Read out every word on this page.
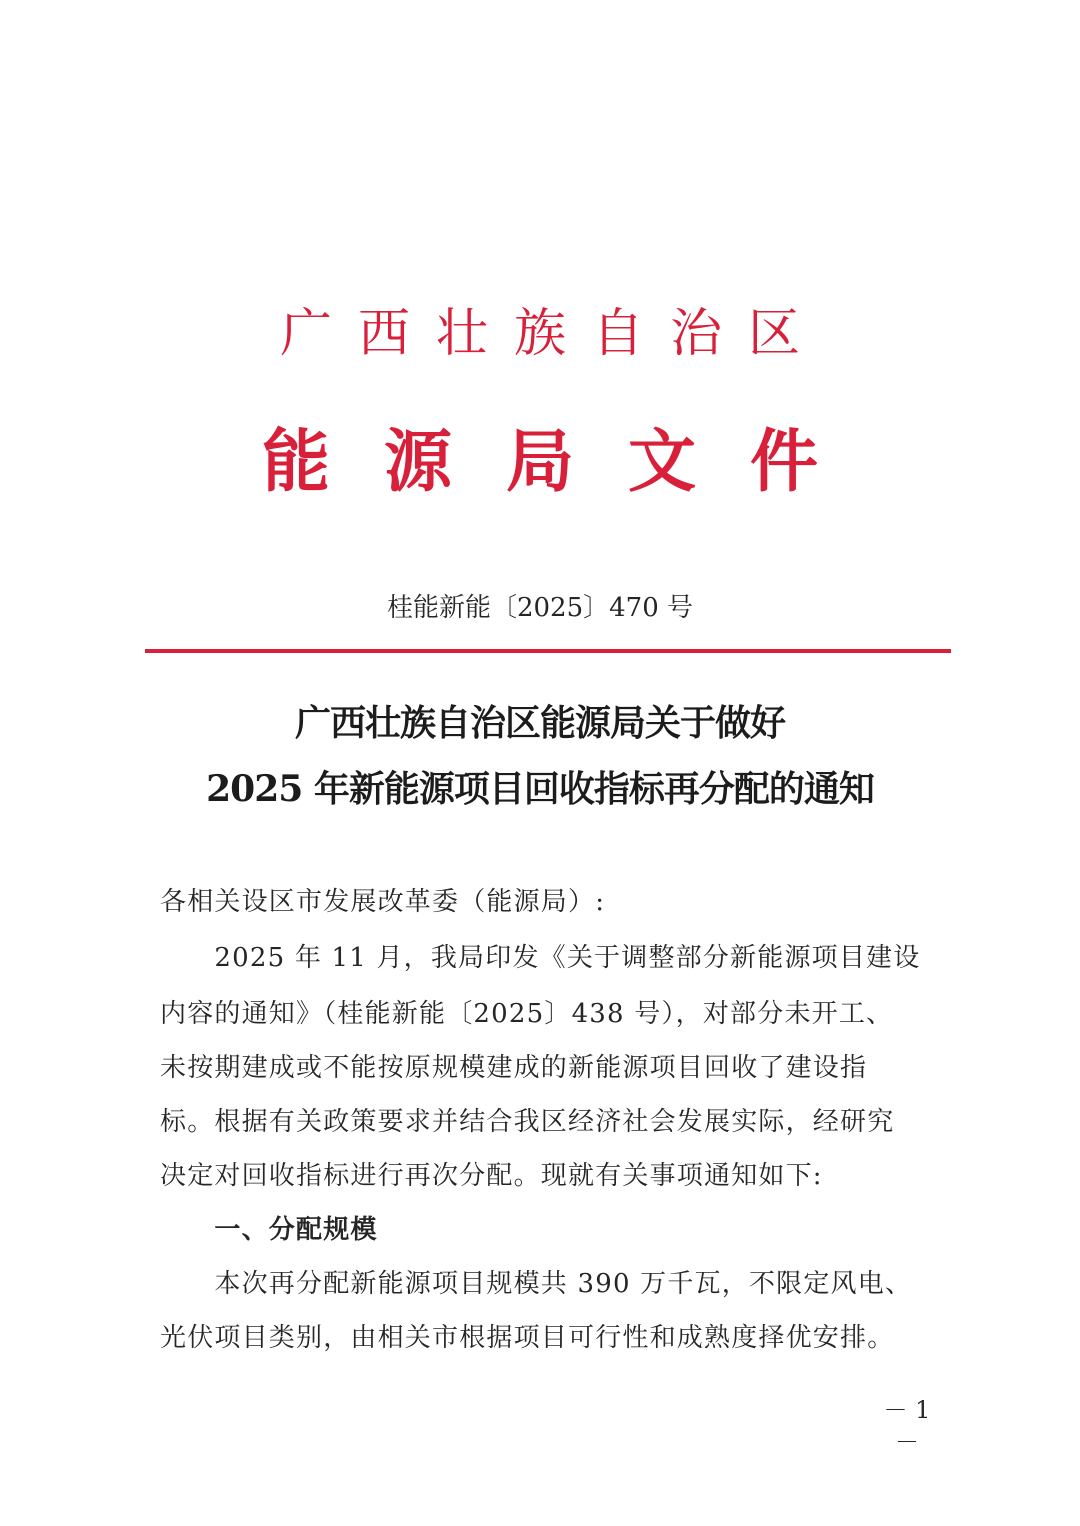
广西壮族自治区
能源局文件
桂能新能〔2025〕470 号
广西壮族自治区能源局关于做好
2025 年新能源项目回收指标再分配的通知
各相关设区市发展改革委（能源局）:
　　2025 年 11 月，我局印发《关于调整部分新能源项目建设
内容的通知》（桂能新能〔2025〕438 号），对部分未开工、
未按期建成或不能按原规模建成的新能源项目回收了建设指
标。根据有关政策要求并结合我区经济社会发展实际，经研究
决定对回收指标进行再次分配。现就有关事项通知如下:
　　一、分配规模
　　本次再分配新能源项目规模共 390 万千瓦，不限定风电、
光伏项目类别，由相关市根据项目可行性和成熟度择优安排。
－ 1 －
